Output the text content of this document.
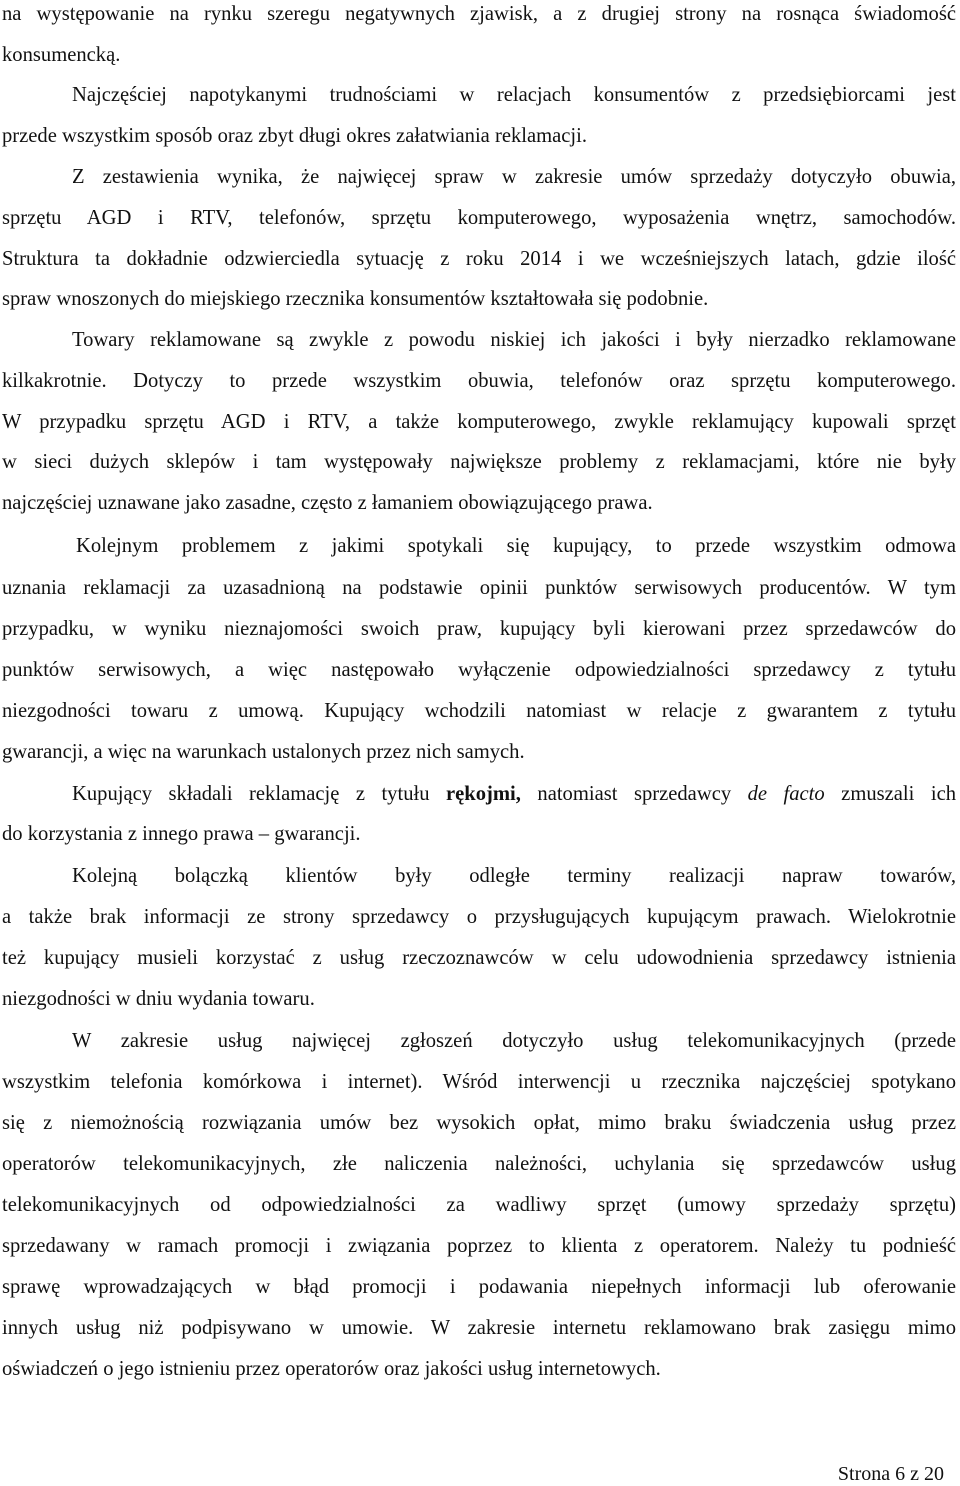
na występowanie na rynku szeregu negatywnych zjawisk, a z drugiej strony na rosnąca świadomość
konsumencką.
Najczęściej napotykanymi trudnościami w relacjach konsumentów z przedsiębiorcami jest
przede wszystkim sposób oraz zbyt długi okres załatwiania reklamacji.
Z zestawienia wynika, że najwięcej spraw w zakresie umów sprzedaży dotyczyło obuwia,
sprzętu AGD i RTV, telefonów, sprzętu komputerowego, wyposażenia wnętrz, samochodów.
Struktura ta dokładnie odzwierciedla sytuację z roku 2014 i we wcześniejszych latach, gdzie ilość
spraw wnoszonych do miejskiego rzecznika konsumentów kształtowała się podobnie.
Towary reklamowane są zwykle z powodu niskiej ich jakości i były nierzadko reklamowane
kilkakrotnie. Dotyczy to przede wszystkim obuwia, telefonów oraz sprzętu komputerowego.
W przypadku sprzętu AGD i RTV, a także komputerowego, zwykle reklamujący kupowali sprzęt
w sieci dużych sklepów i tam występowały największe problemy z reklamacjami, które nie były
najczęściej uznawane jako zasadne, często z łamaniem obowiązującego prawa.
Kolejnym problemem z jakimi spotykali się kupujący, to przede wszystkim odmowa
uznania reklamacji za uzasadnioną na podstawie opinii punktów serwisowych producentów. W tym
przypadku, w wyniku nieznajomości swoich praw, kupujący byli kierowani przez sprzedawców do
punktów serwisowych, a więc następowało wyłączenie odpowiedzialności sprzedawcy z tytułu
niezgodności towaru z umową. Kupujący wchodzili natomiast w relacje z gwarantem z tytułu
gwarancji, a więc na warunkach ustalonych przez nich samych.
Kupujący składali reklamację z tytułu rękojmi, natomiast sprzedawcy de facto zmuszali ich
do korzystania z innego prawa – gwarancji.
Kolejną bolączką klientów były odległe terminy realizacji napraw towarów,
a także brak informacji ze strony sprzedawcy o przysługujących kupującym prawach. Wielokrotnie
też kupujący musieli korzystać z usług rzeczoznawców w celu udowodnienia sprzedawcy istnienia
niezgodności w dniu wydania towaru.
W zakresie usług najwięcej zgłoszeń dotyczyło usług telekomunikacyjnych (przede
wszystkim telefonia komórkowa i internet). Wśród interwencji u rzecznika najczęściej spotykano
się z niemożnością rozwiązania umów bez wysokich opłat, mimo braku świadczenia usług przez
operatorów telekomunikacyjnych, złe naliczenia należności, uchylania się sprzedawców usług
telekomunikacyjnych od odpowiedzialności za wadliwy sprzęt (umowy sprzedaży sprzętu)
sprzedawany w ramach promocji i związania poprzez to klienta z operatorem. Należy tu podnieść
sprawę wprowadzających w błąd promocji i podawania niepełnych informacji lub oferowanie
innych usług niż podpisywano w umowie. W zakresie internetu reklamowano brak zasięgu mimo
oświadczeń o jego istnieniu przez operatorów oraz jakości usług internetowych.
Strona 6 z 20
